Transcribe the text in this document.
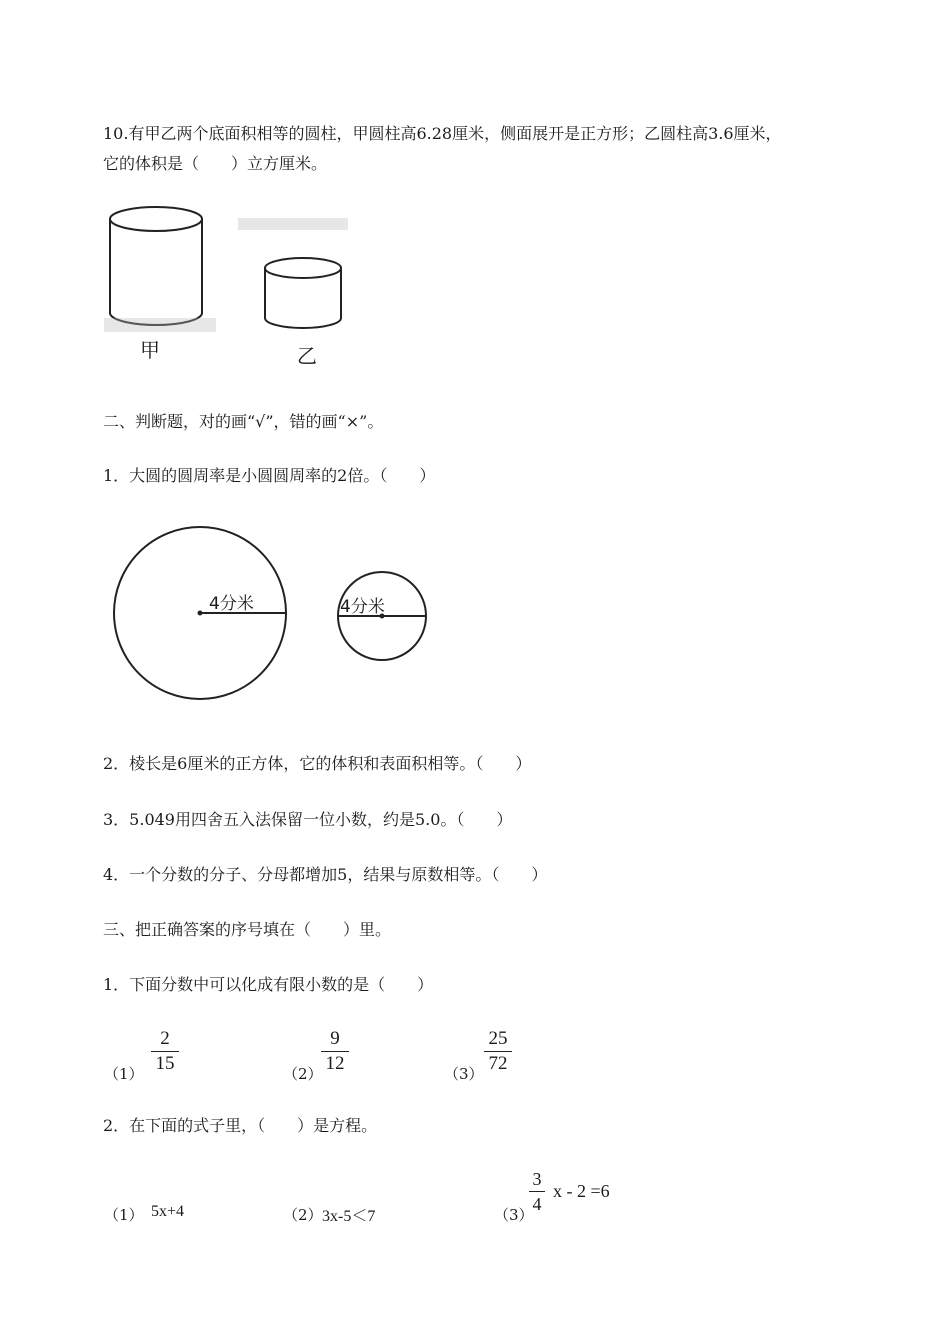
10.有甲乙两个底面积相等的圆柱，甲圆柱高6.28厘米，侧面展开是正方形；乙圆柱高3.6厘米，
它的体积是（　　）立方厘米。
甲	乙
二、判断题，对的画“√”，错的画“×”。
1．大圆的圆周率是小圆圆周率的2倍。（　　）
4分米	4分米
2．棱长是6厘米的正方体，它的体积和表面积相等。（　　）
3．5.049用四舍五入法保留一位小数，约是5.0。（　　）
4．一个分数的分子、分母都增加5，结果与原数相等。（　　）
三、把正确答案的序号填在（　　）里。
1．下面分数中可以化成有限小数的是（　　）
（1）
2
15	（2）
9
12	（3）
25
72
2．在下面的式子里，（　　）是方程。
（1） 5x+4	（2） 3x-5＜7	（3）
3
4
x - 2 =6
